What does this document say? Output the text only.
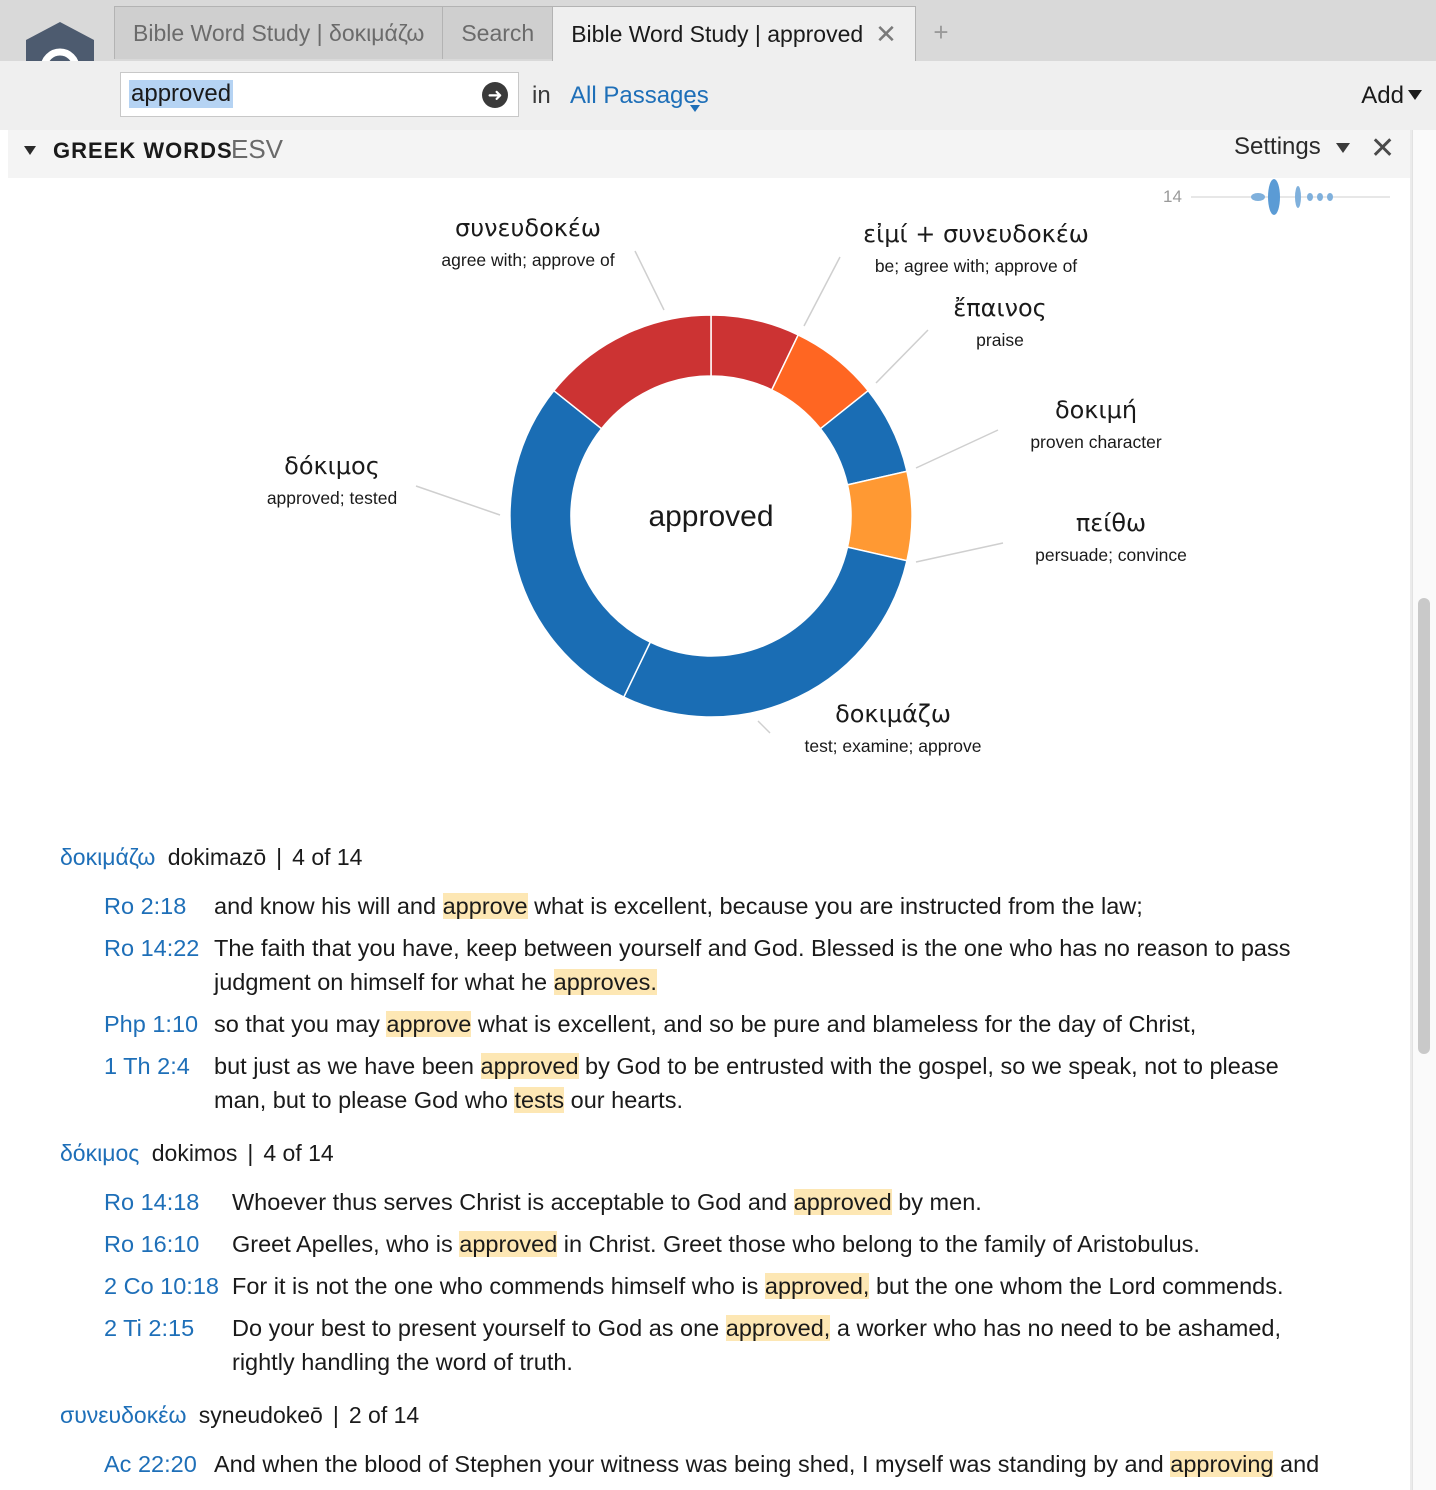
Bible Word Study | δοκιμάζω Search Bible Word Study | approved ✕	+
approved	➜ in All Passages	Add
GREEK WORDS
ESV	Settings ✕
14
εἰμί + συνευδοκέω
be; agree with; approve of
ἔπαινος
praise
δοκιμή
proven character
πείθω
persuade; convince
δοκιμάζω
test; examine; approve
δόκιμος
approved; tested
συνευδοκέω
agree with; approve of
approved
δοκιμάζω dokimazō | 4 of 14
Ro 2:18	and know his will and approve what is excellent, because you are instructed from the law;
Ro 14:22 The faith that you have, keep between yourself and God. Blessed is the one who has no reason to pass judgment on himself for what he approves.
Php 1:10 so that you may approve what is excellent, and so be pure and blameless for the day of Christ,
1 Th 2:4	but just as we have been approved by God to be entrusted with the gospel, so we speak, not to please man, but to please God who tests our hearts.
δόκιμος dokimos | 4 of 14
Ro 14:18	Whoever thus serves Christ is acceptable to God and approved by men.
Ro 16:10	Greet Apelles, who is approved in Christ. Greet those who belong to the family of Aristobulus.
2 Co 10:18 For it is not the one who commends himself who is approved, but the one whom the Lord commends.
2 Ti 2:15	Do your best to present yourself to God as one approved, a worker who has no need to be ashamed, rightly handling the word of truth.
συνευδοκέω syneudokeō | 2 of 14
Ac 22:20 And when the blood of Stephen your witness was being shed, I myself was standing by and approving and
